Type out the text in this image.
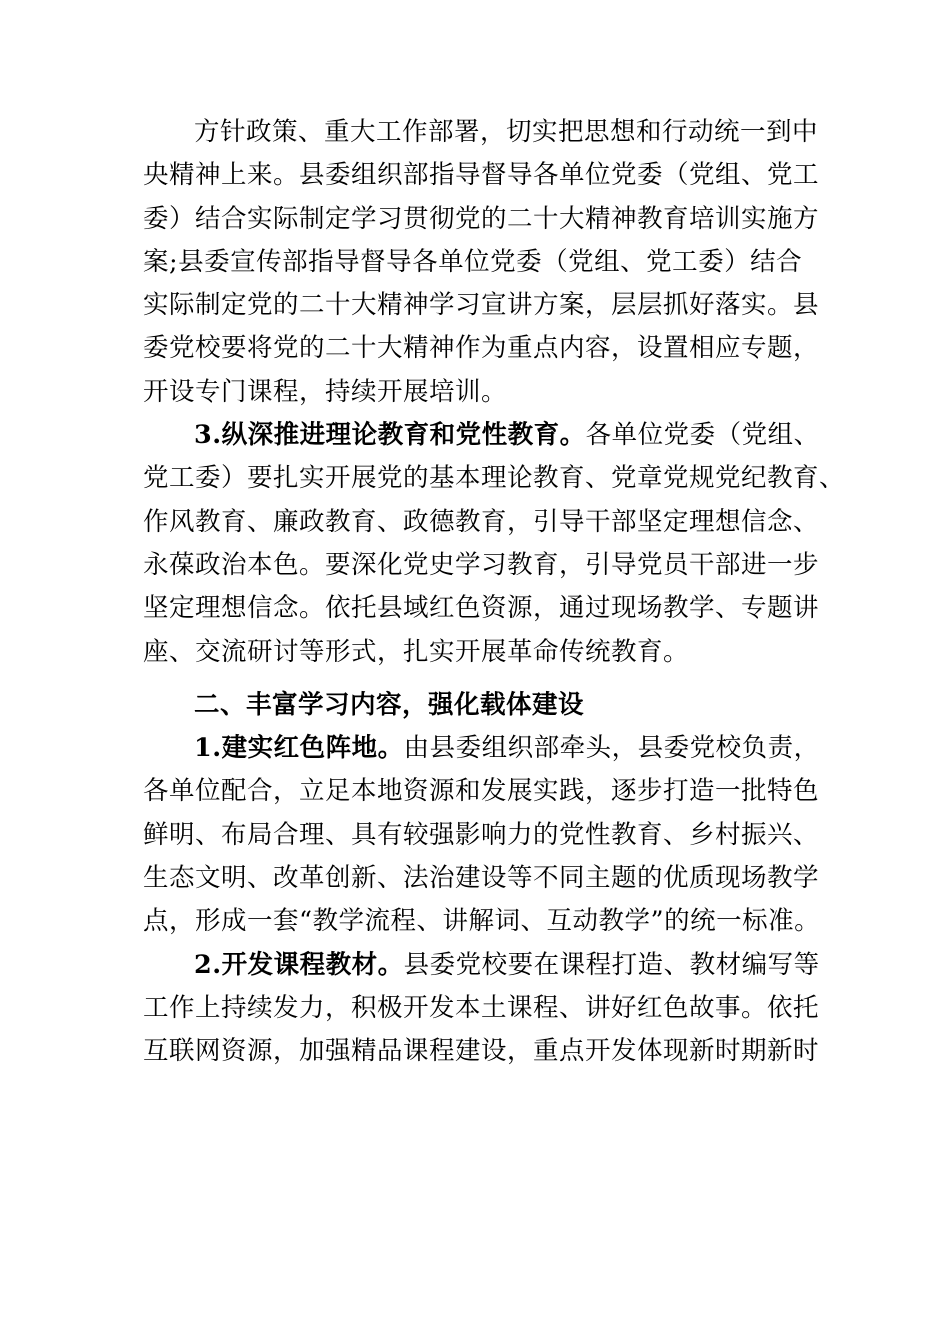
方针政策、重大工作部署，切实把思想和行动统一到中
央精神上来。县委组织部指导督导各单位党委（党组、党工
委）结合实际制定学习贯彻党的二十大精神教育培训实施方
案;县委宣传部指导督导各单位党委（党组、党工委）结合
实际制定党的二十大精神学习宣讲方案，层层抓好落实。县
委党校要将党的二十大精神作为重点内容，设置相应专题，
开设专门课程，持续开展培训。
3.纵深推进理论教育和党性教育。各单位党委（党组、
党工委）要扎实开展党的基本理论教育、党章党规党纪教育、
作风教育、廉政教育、政德教育，引导干部坚定理想信念、
永葆政治本色。要深化党史学习教育，引导党员干部进一步
坚定理想信念。依托县域红色资源，通过现场教学、专题讲
座、交流研讨等形式，扎实开展革命传统教育。
二、丰富学习内容，强化载体建设
1.建实红色阵地。由县委组织部牵头，县委党校负责，
各单位配合，立足本地资源和发展实践，逐步打造一批特色
鲜明、布局合理、具有较强影响力的党性教育、乡村振兴、
生态文明、改革创新、法治建设等不同主题的优质现场教学
点，形成一套“教学流程、讲解词、互动教学”的统一标准。
2.开发课程教材。县委党校要在课程打造、教材编写等
工作上持续发力，积极开发本土课程、讲好红色故事。依托
互联网资源，加强精品课程建设，重点开发体现新时期新时
